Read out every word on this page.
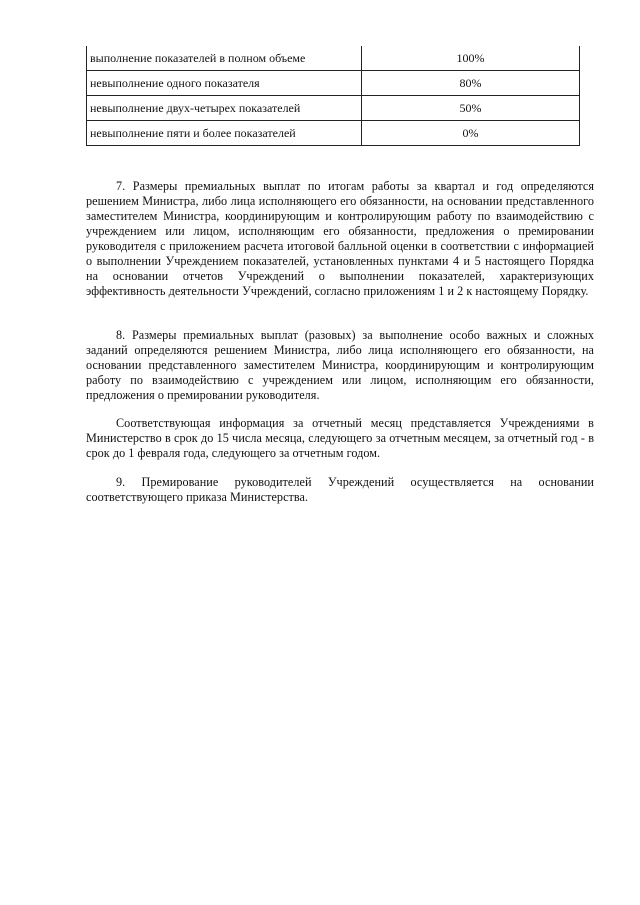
выполнение показателей в полном объеме	100%
невыполнение одного показателя	80%
невыполнение двух-четырех показателей	50%
невыполнение пяти и более показателей	0%

7. Размеры премиальных выплат по итогам работы за квартал и год определяются решением Министра, либо лица исполняющего его обязанности, на основании представленного заместителем Министра, координирующим и контролирующим работу по взаимодействию с учреждением или лицом, исполняющим его обязанности, предложения о премировании руководителя с приложением расчета итоговой балльной оценки в соответствии с информацией о выполнении Учреждением показателей, установленных пунктами 4 и 5 настоящего Порядка на основании отчетов Учреждений о выполнении показателей, характеризующих эффективность деятельности Учреждений, согласно приложениям 1 и 2 к настоящему Порядку.

8. Размеры премиальных выплат (разовых) за выполнение особо важных и сложных заданий определяются решением Министра, либо лица исполняющего его обязанности, на основании представленного заместителем Министра, координирующим и контролирующим работу по взаимодействию с учреждением или лицом, исполняющим его обязанности, предложения о премировании руководителя.

Соответствующая информация за отчетный месяц представляется Учреждениями в Министерство в срок до 15 числа месяца, следующего за отчетным месяцем, за отчетный год - в срок до 1 февраля года, следующего за отчетным годом.

9. Премирование руководителей Учреждений осуществляется на основании соответствующего приказа Министерства.
